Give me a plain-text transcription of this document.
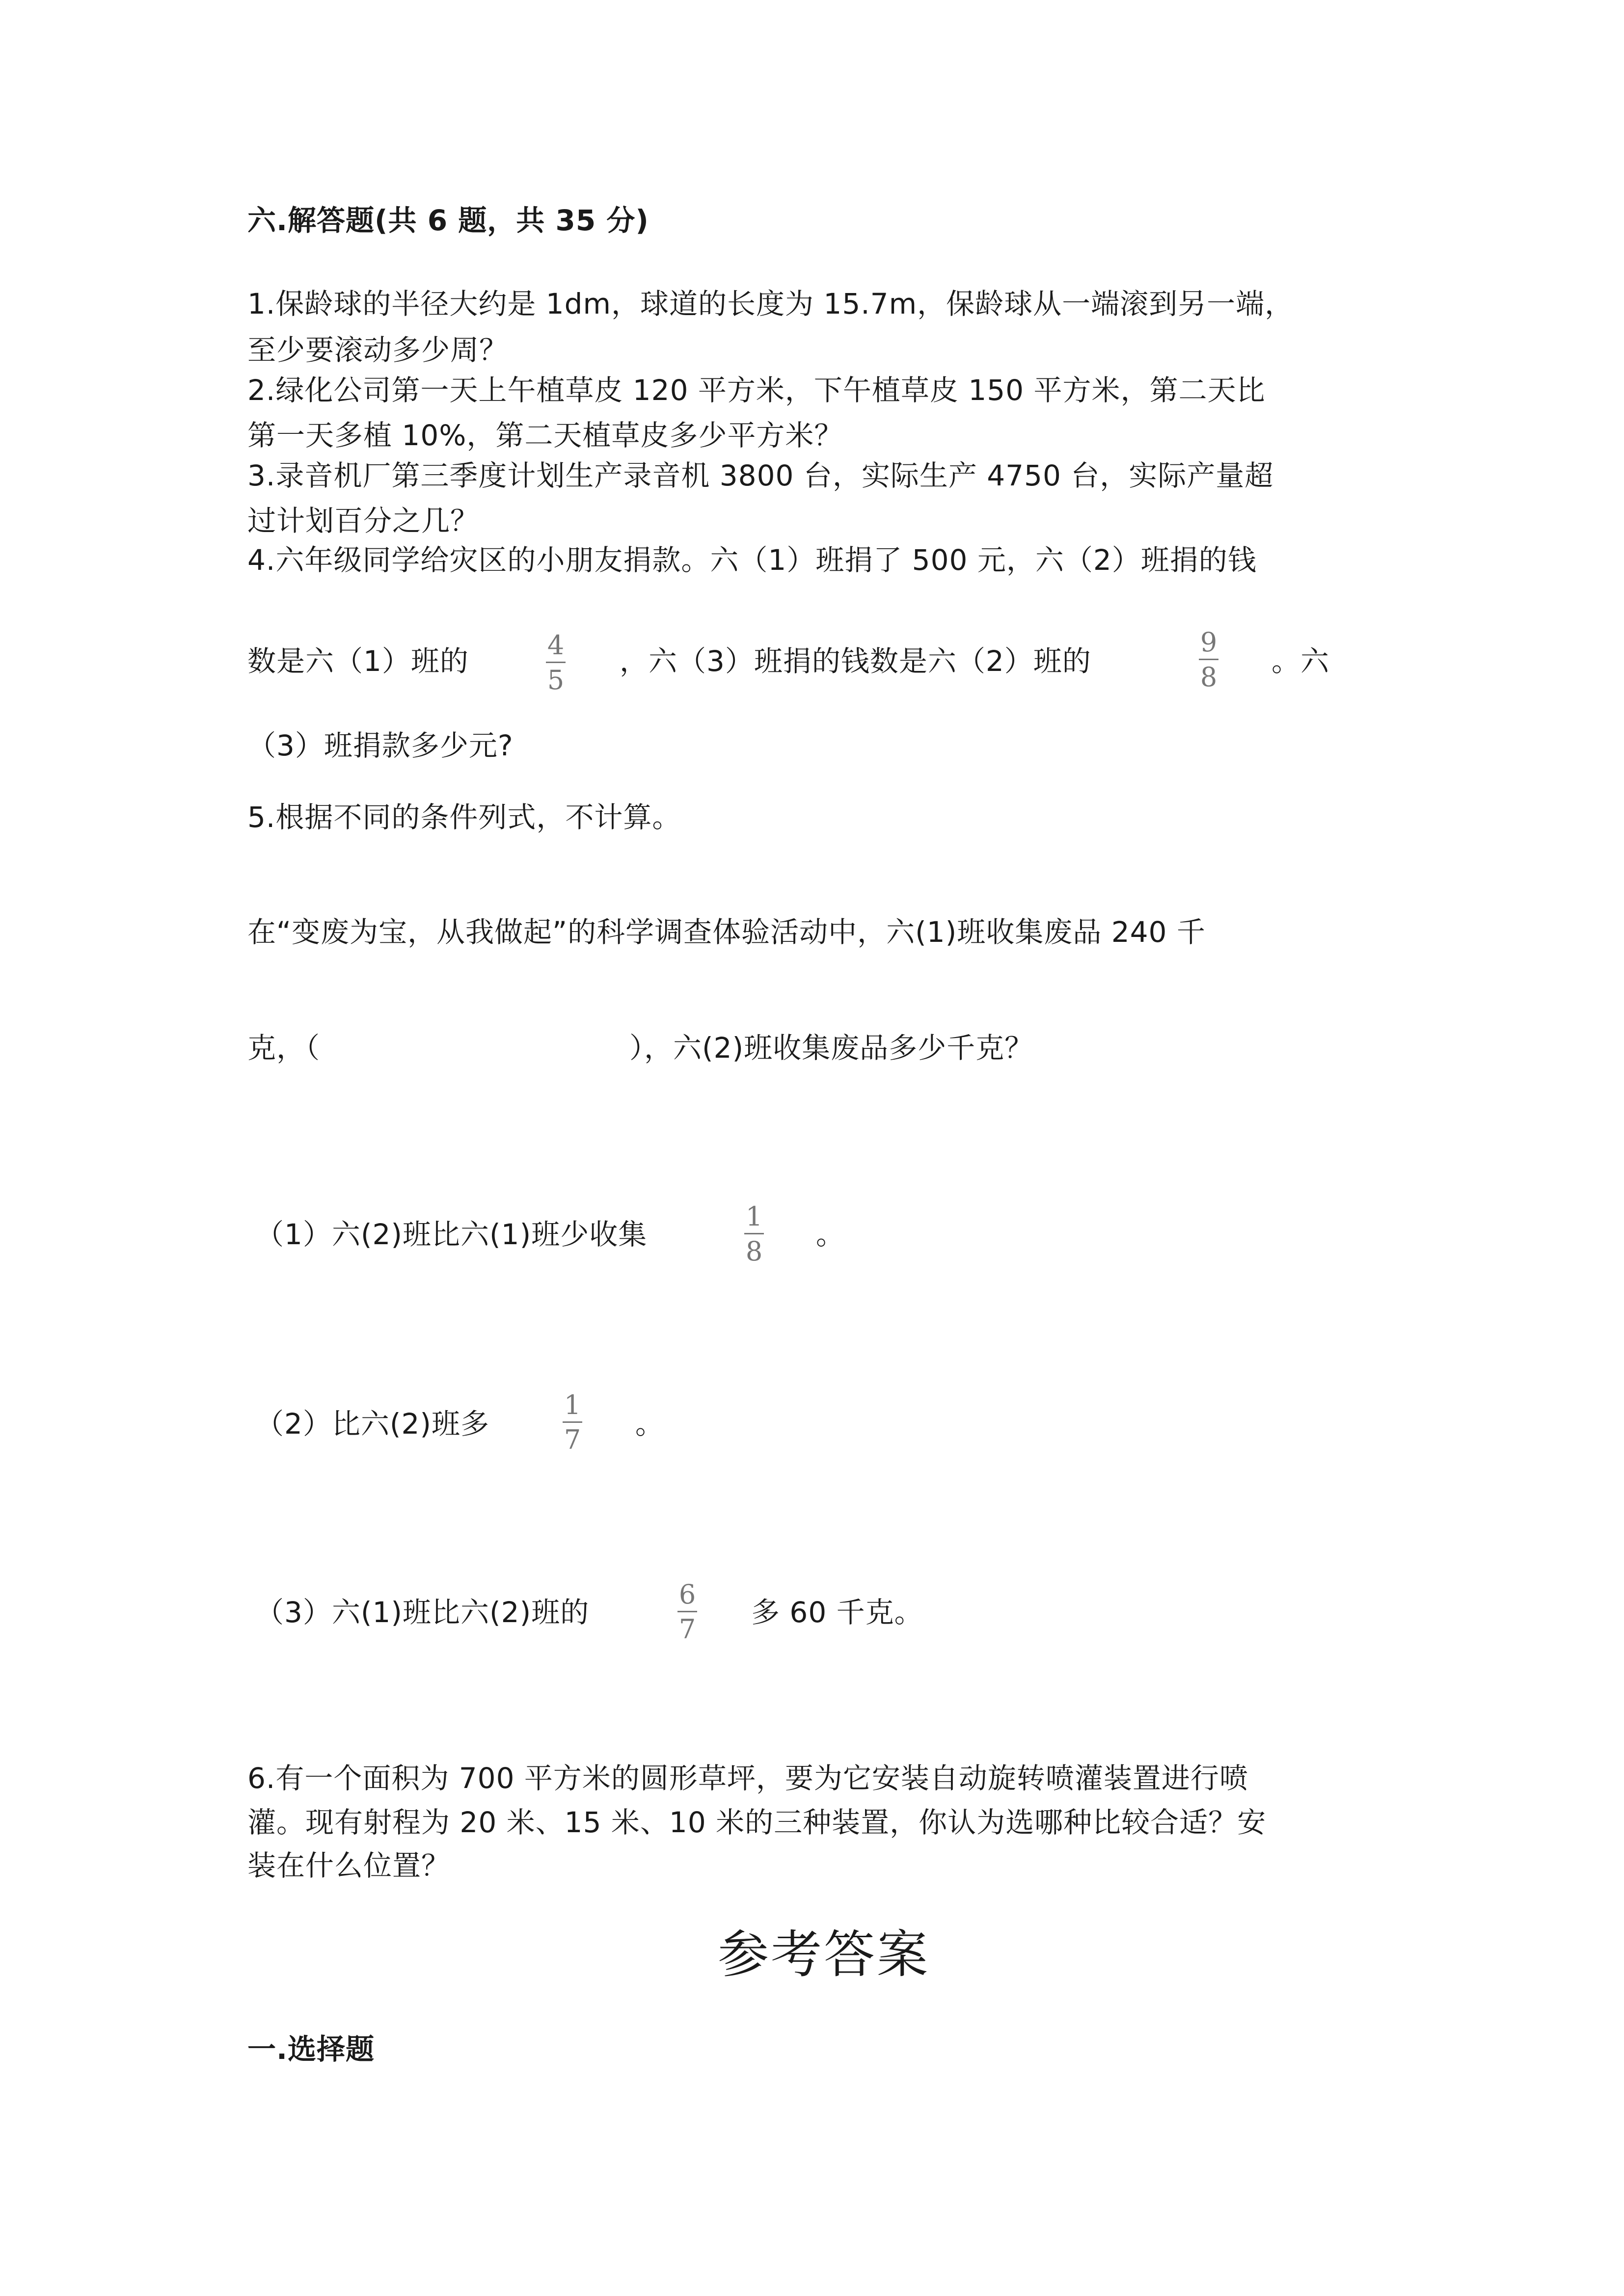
六.解答题(共 6 题，共 35 分)
1.保龄球的半径大约是 1dm，球道的长度为 15.7m，保龄球从一端滚到另一端，
至少要滚动多少周？
2.绿化公司第一天上午植草皮 120 平方米，下午植草皮 150 平方米，第二天比
第一天多植 10%，第二天植草皮多少平方米？
3.录音机厂第三季度计划生产录音机 3800 台，实际生产 4750 台，实际产量超
过计划百分之几？
4.六年级同学给灾区的小朋友捐款。六（1）班捐了 500 元，六（2）班捐的钱
数是六（1）班的	4
5
，六（3）班捐的钱数是六（2）班的
9
8 。六
（3）班捐款多少元?
5.根据不同的条件列式，不计算。
在“变废为宝，从我做起”的科学调查体验活动中，六(1)班收集废品 240 千
克，（	），六(2)班收集废品多少千克？
（1）六(2)班比六(1)班少收集
1
8
。
（2）比六(2)班多
1
7 。
（3）六(1)班比六(2)班的
6
7
多 60 千克。
6.有一个面积为 700 平方米的圆形草坪，要为它安装自动旋转喷灌装置进行喷
灌。现有射程为 20 米、15 米、10 米的三种装置，你认为选哪种比较合适？安
装在什么位置？
参考答案
一.选择题
